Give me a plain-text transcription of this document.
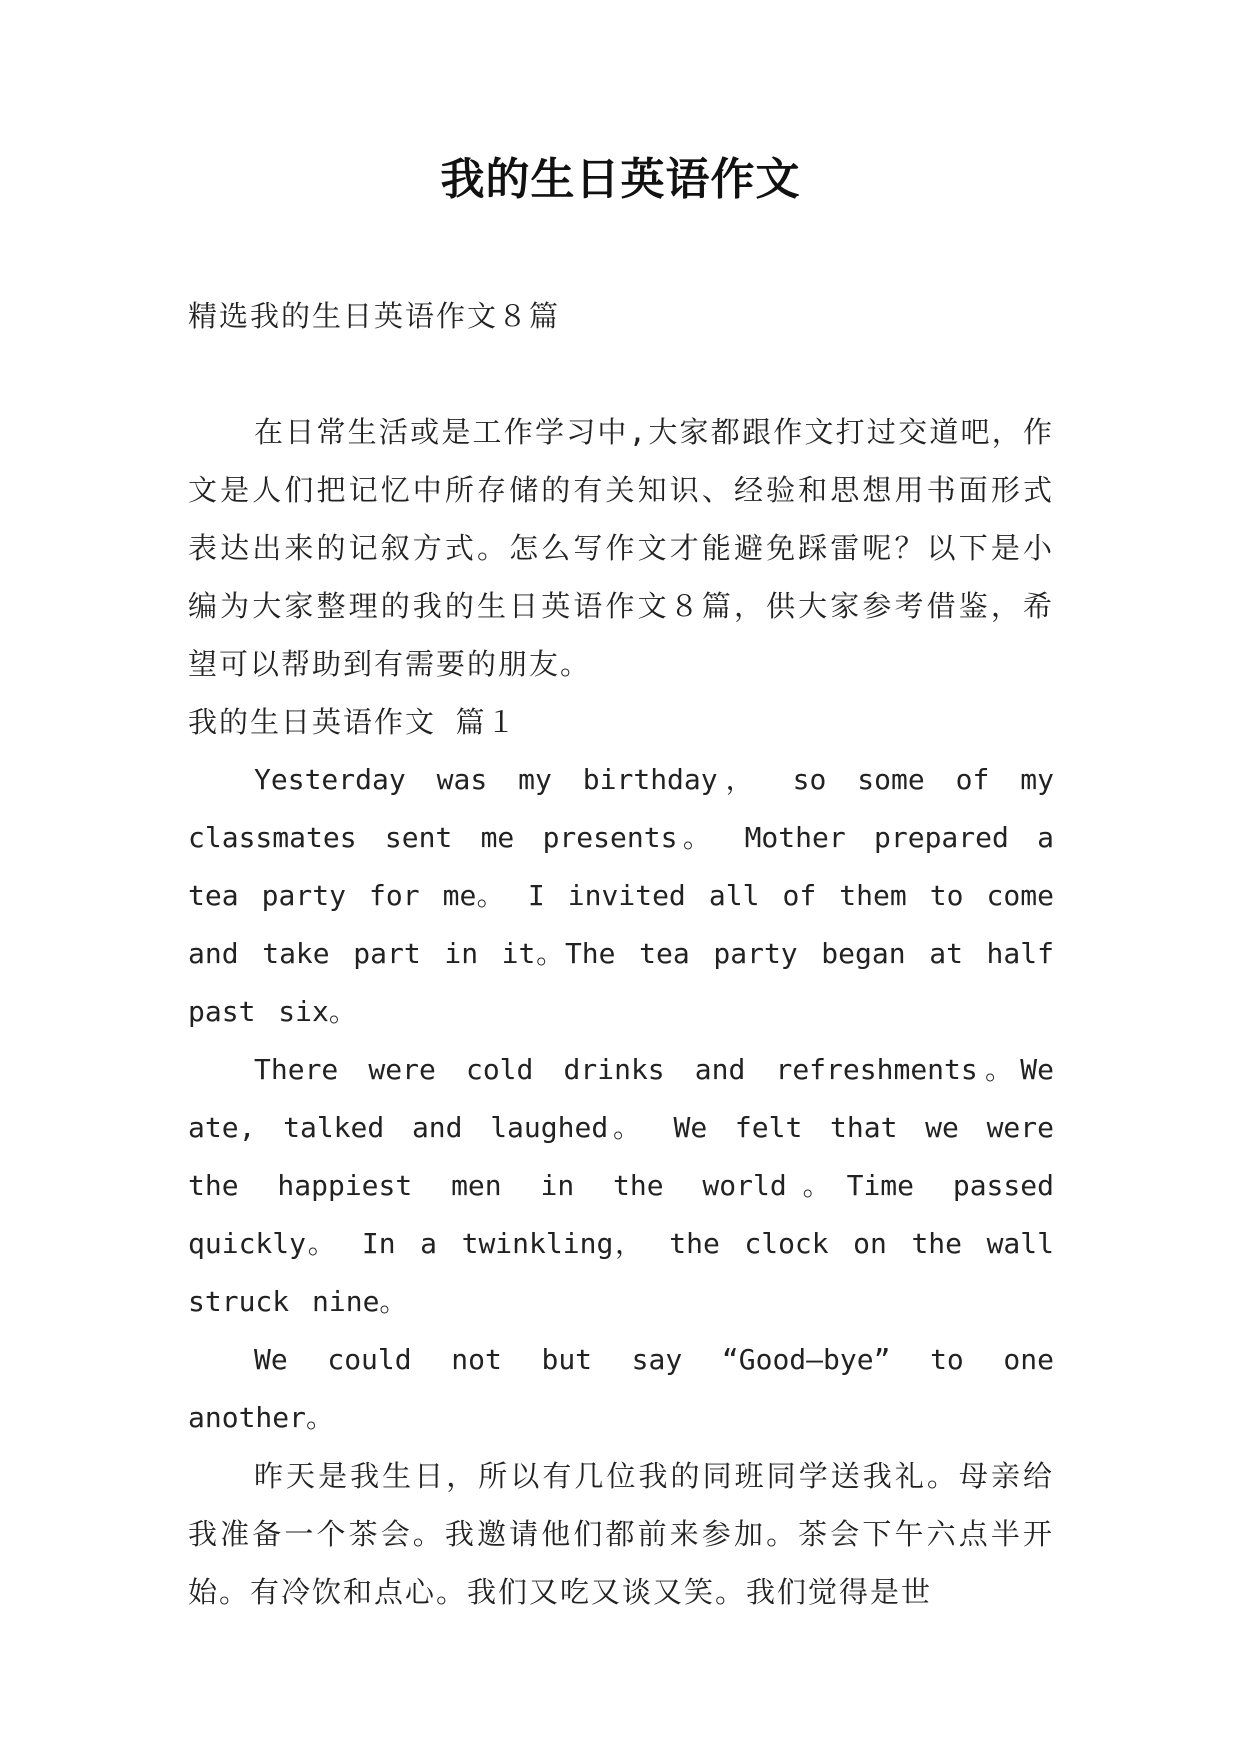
我的生日英语作文
精选我的生日英语作文８篇

在日常生活或是工作学习中,大家都跟作文打过交道吧，作文是人们把记忆中所存储的有关知识、经验和思想用书面形式表达出来的记叙方式。怎么写作文才能避免踩雷呢？以下是小编为大家整理的我的生日英语作文８篇，供大家参考借鉴，希望可以帮助到有需要的朋友。

我的生日英语作文 篇１

Yesterday was my birthday， so some of my classmates sent me presents。 Mother prepared a tea party for me。 I invited all of them to come and take part in it。The tea party began at half past six。

There were cold drinks and refreshments。We ate, talked and laughed。 We felt that we were the happiest men in the world。Time passed quickly。 In a twinkling， the clock on the wall struck nine。

We could not but say “Good—bye” to one another。

昨天是我生日，所以有几位我的同班同学送我礼。母亲给我准备一个茶会。我邀请他们都前来参加。茶会下午六点半开始。有冷饮和点心。我们又吃又谈又笑。我们觉得是世
